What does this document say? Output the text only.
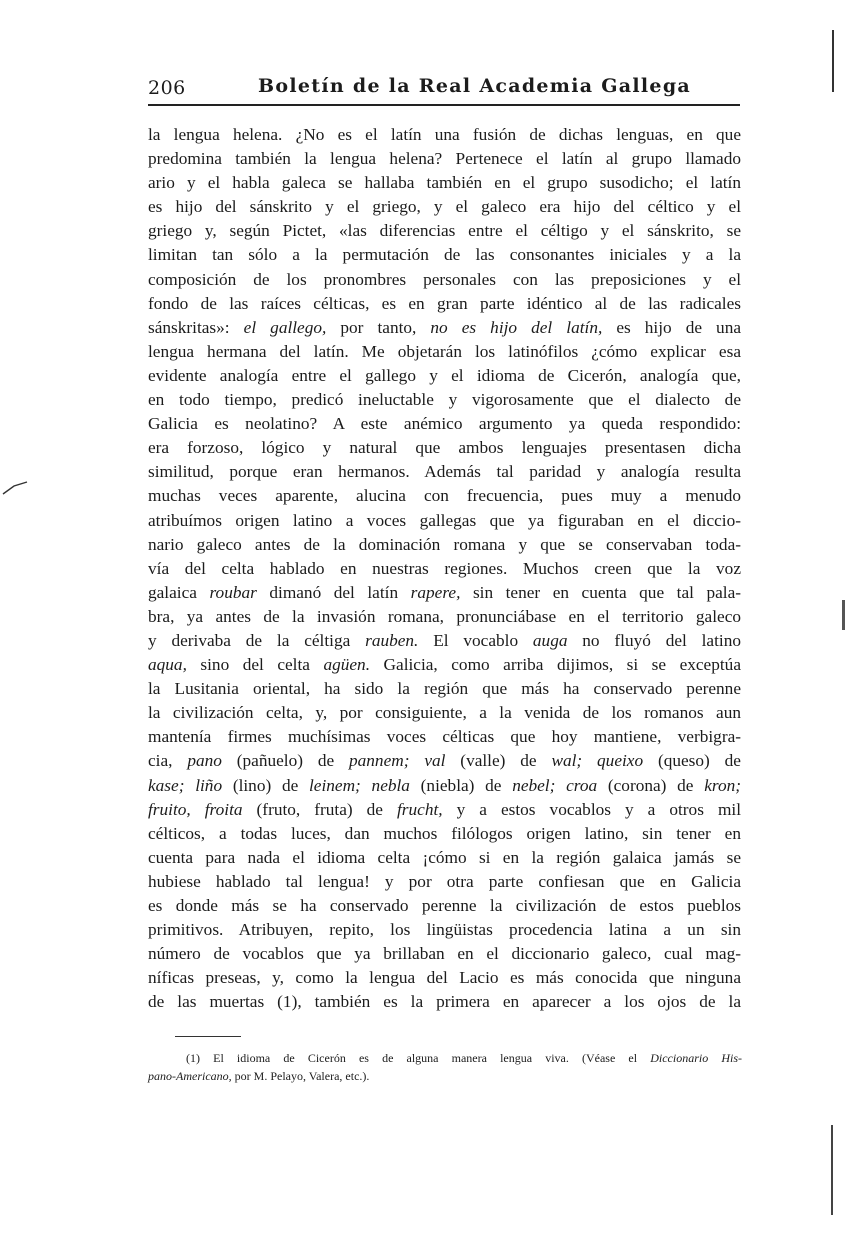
206	Boletín de la Real Academia Gallega
la lengua helena. ¿No es el latín una fusión de dichas lenguas, en que
predomina también la lengua helena? Pertenece el latín al grupo llamado
ario y el habla galeca se hallaba también en el grupo susodicho; el latín
es hijo del sánskrito y el griego, y el galeco era hijo del céltico y el
griego y, según Pictet, «las diferencias entre el céltigo y el sánskrito, se
limitan tan sólo a la permutación de las consonantes iniciales y a la
composición de los pronombres personales con las preposiciones y el
fondo de las raíces célticas, es en gran parte idéntico al de las radicales
sánskritas»: el gallego, por tanto, no es hijo del latín, es hijo de una
lengua hermana del latín. Me objetarán los latinófilos ¿cómo explicar esa
evidente analogía entre el gallego y el idioma de Cicerón, analogía que,
en todo tiempo, predicó ineluctable y vigorosamente que el dialecto de
Galicia es neolatino? A este anémico argumento ya queda respondido:
era forzoso, lógico y natural que ambos lenguajes presentasen dicha
similitud, porque eran hermanos. Además tal paridad y analogía resulta
muchas veces aparente, alucina con frecuencia, pues muy a menudo
atribuímos origen latino a voces gallegas que ya figuraban en el diccio-
nario galeco antes de la dominación romana y que se conservaban toda-
vía del celta hablado en nuestras regiones. Muchos creen que la voz
galaica roubar dimanó del latín rapere, sin tener en cuenta que tal pala-
bra, ya antes de la invasión romana, pronunciábase en el territorio galeco
y derivaba de la céltiga rauben. El vocablo auga no fluyó del latino
aqua, sino del celta agüen. Galicia, como arriba dijimos, si se exceptúa
la Lusitania oriental, ha sido la región que más ha conservado perenne
la civilización celta, y, por consiguiente, a la venida de los romanos aun
mantenía firmes muchísimas voces célticas que hoy mantiene, verbigra-
cia, pano (pañuelo) de pannem; val (valle) de wal; queixo (queso) de
kase; liño (lino) de leinem; nebla (niebla) de nebel; croa (corona) de kron;
fruito, froita (fruto, fruta) de frucht, y a estos vocablos y a otros mil
célticos, a todas luces, dan muchos filólogos origen latino, sin tener en
cuenta para nada el idioma celta ¡cómo si en la región galaica jamás se
hubiese hablado tal lengua! y por otra parte confiesan que en Galicia
es donde más se ha conservado perenne la civilización de estos pueblos
primitivos. Atribuyen, repito, los lingüistas procedencia latina a un sin
número de vocablos que ya brillaban en el diccionario galeco, cual mag-
níficas preseas, y, como la lengua del Lacio es más conocida que ninguna
de las muertas (1), también es la primera en aparecer a los ojos de la
(1) El idioma de Cicerón es de alguna manera lengua viva. (Véase el Diccionario His-
pano-Americano, por M. Pelayo, Valera, etc.).
